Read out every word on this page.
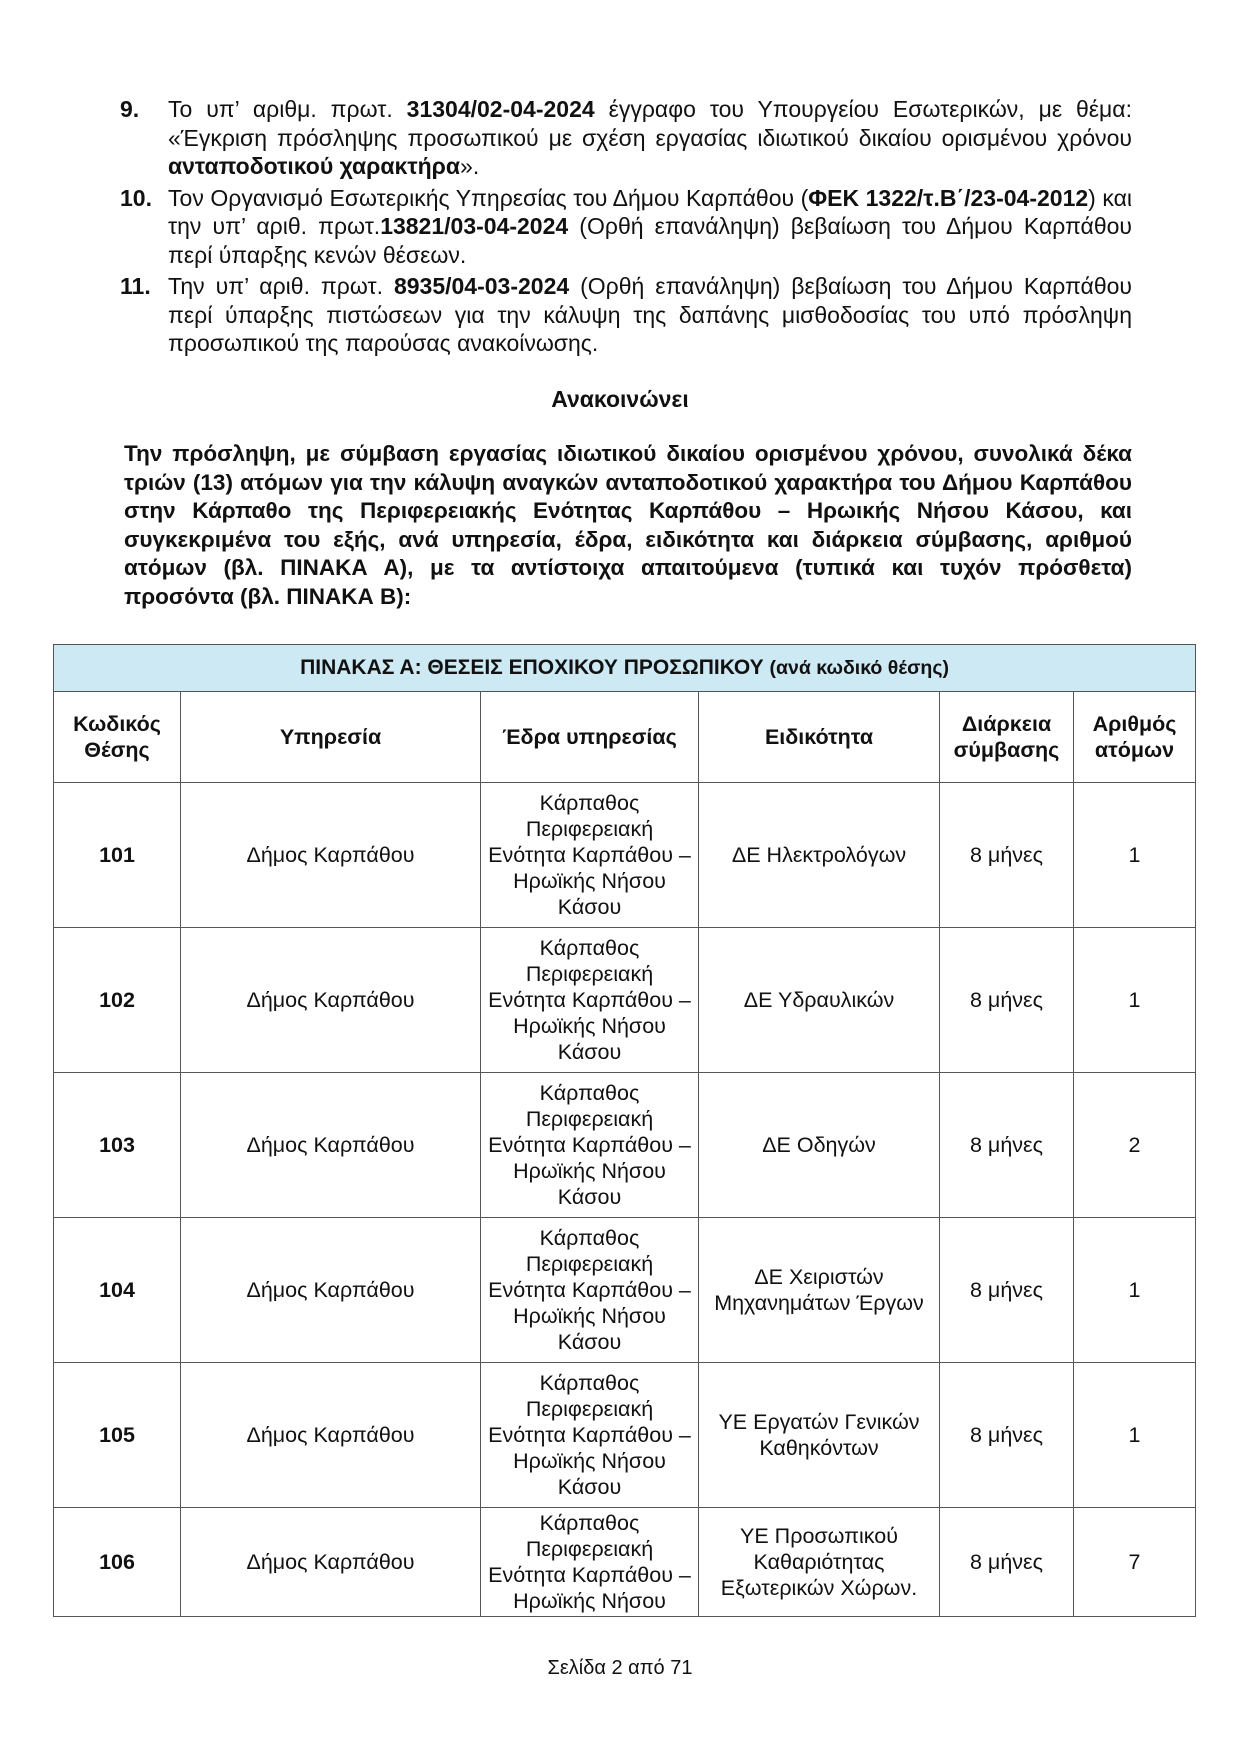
9. Το υπ’ αριθμ. πρωτ. 31304/02-04-2024 έγγραφο του Υπουργείου Εσωτερικών, με θέμα: «Έγκριση πρόσληψης προσωπικού με σχέση εργασίας ιδιωτικού δικαίου ορισμένου χρόνου ανταποδοτικού χαρακτήρα».
10. Τον Οργανισμό Εσωτερικής Υπηρεσίας του Δήμου Καρπάθου (ΦΕΚ 1322/τ.Β΄/23-04-2012) και την υπ’ αριθ. πρωτ.13821/03-04-2024 (Ορθή επανάληψη) βεβαίωση του Δήμου Καρπάθου περί ύπαρξης κενών θέσεων.
11. Την υπ’ αριθ. πρωτ. 8935/04-03-2024 (Ορθή επανάληψη) βεβαίωση του Δήμου Καρπάθου περί ύπαρξης πιστώσεων για την κάλυψη της δαπάνης μισθοδοσίας του υπό πρόσληψη προσωπικού της παρούσας ανακοίνωσης.
Ανακοινώνει
Την πρόσληψη, με σύμβαση εργασίας ιδιωτικού δικαίου ορισμένου χρόνου, συνολικά δέκα τριών (13) ατόμων για την κάλυψη αναγκών ανταποδοτικού χαρακτήρα του Δήμου Καρπάθου στην Κάρπαθο της Περιφερειακής Ενότητας Καρπάθου – Ηρωικής Νήσου Κάσου, και συγκεκριμένα του εξής, ανά υπηρεσία, έδρα, ειδικότητα και διάρκεια σύμβασης, αριθμού ατόμων (βλ. ΠΙΝΑΚΑ Α), με τα αντίστοιχα απαιτούμενα (τυπικά και τυχόν πρόσθετα) προσόντα (βλ. ΠΙΝΑΚΑ Β):
ΠΙΝΑΚΑΣ Α: ΘΕΣΕΙΣ ΕΠΟΧΙΚΟΥ ΠΡΟΣΩΠΙΚΟΥ (ανά κωδικό θέσης)					
Κωδικός Θέσης	Υπηρεσία	Έδρα υπηρεσίας	Ειδικότητα	Διάρκεια σύμβασης	Αριθμός ατόμων
101	Δήμος Καρπάθου	Κάρπαθος Περιφερειακή Ενότητα Καρπάθου – Ηρωϊκής Νήσου Κάσου	ΔΕ Ηλεκτρολόγων	8 μήνες	1
102	Δήμος Καρπάθου	Κάρπαθος Περιφερειακή Ενότητα Καρπάθου – Ηρωϊκής Νήσου Κάσου	ΔΕ Υδραυλικών	8 μήνες	1
103	Δήμος Καρπάθου	Κάρπαθος Περιφερειακή Ενότητα Καρπάθου – Ηρωϊκής Νήσου Κάσου	ΔΕ Οδηγών	8 μήνες	2
104	Δήμος Καρπάθου	Κάρπαθος Περιφερειακή Ενότητα Καρπάθου – Ηρωϊκής Νήσου Κάσου	ΔΕ Χειριστών Μηχανημάτων Έργων	8 μήνες	1
105	Δήμος Καρπάθου	Κάρπαθος Περιφερειακή Ενότητα Καρπάθου – Ηρωϊκής Νήσου Κάσου	ΥΕ Εργατών Γενικών Καθηκόντων	8 μήνες	1
106	Δήμος Καρπάθου	Κάρπαθος Περιφερειακή Ενότητα Καρπάθου – Ηρωϊκής Νήσου	ΥΕ Προσωπικού Καθαριότητας Εξωτερικών Χώρων.	8 μήνες	7
Σελίδα 2 από 71
